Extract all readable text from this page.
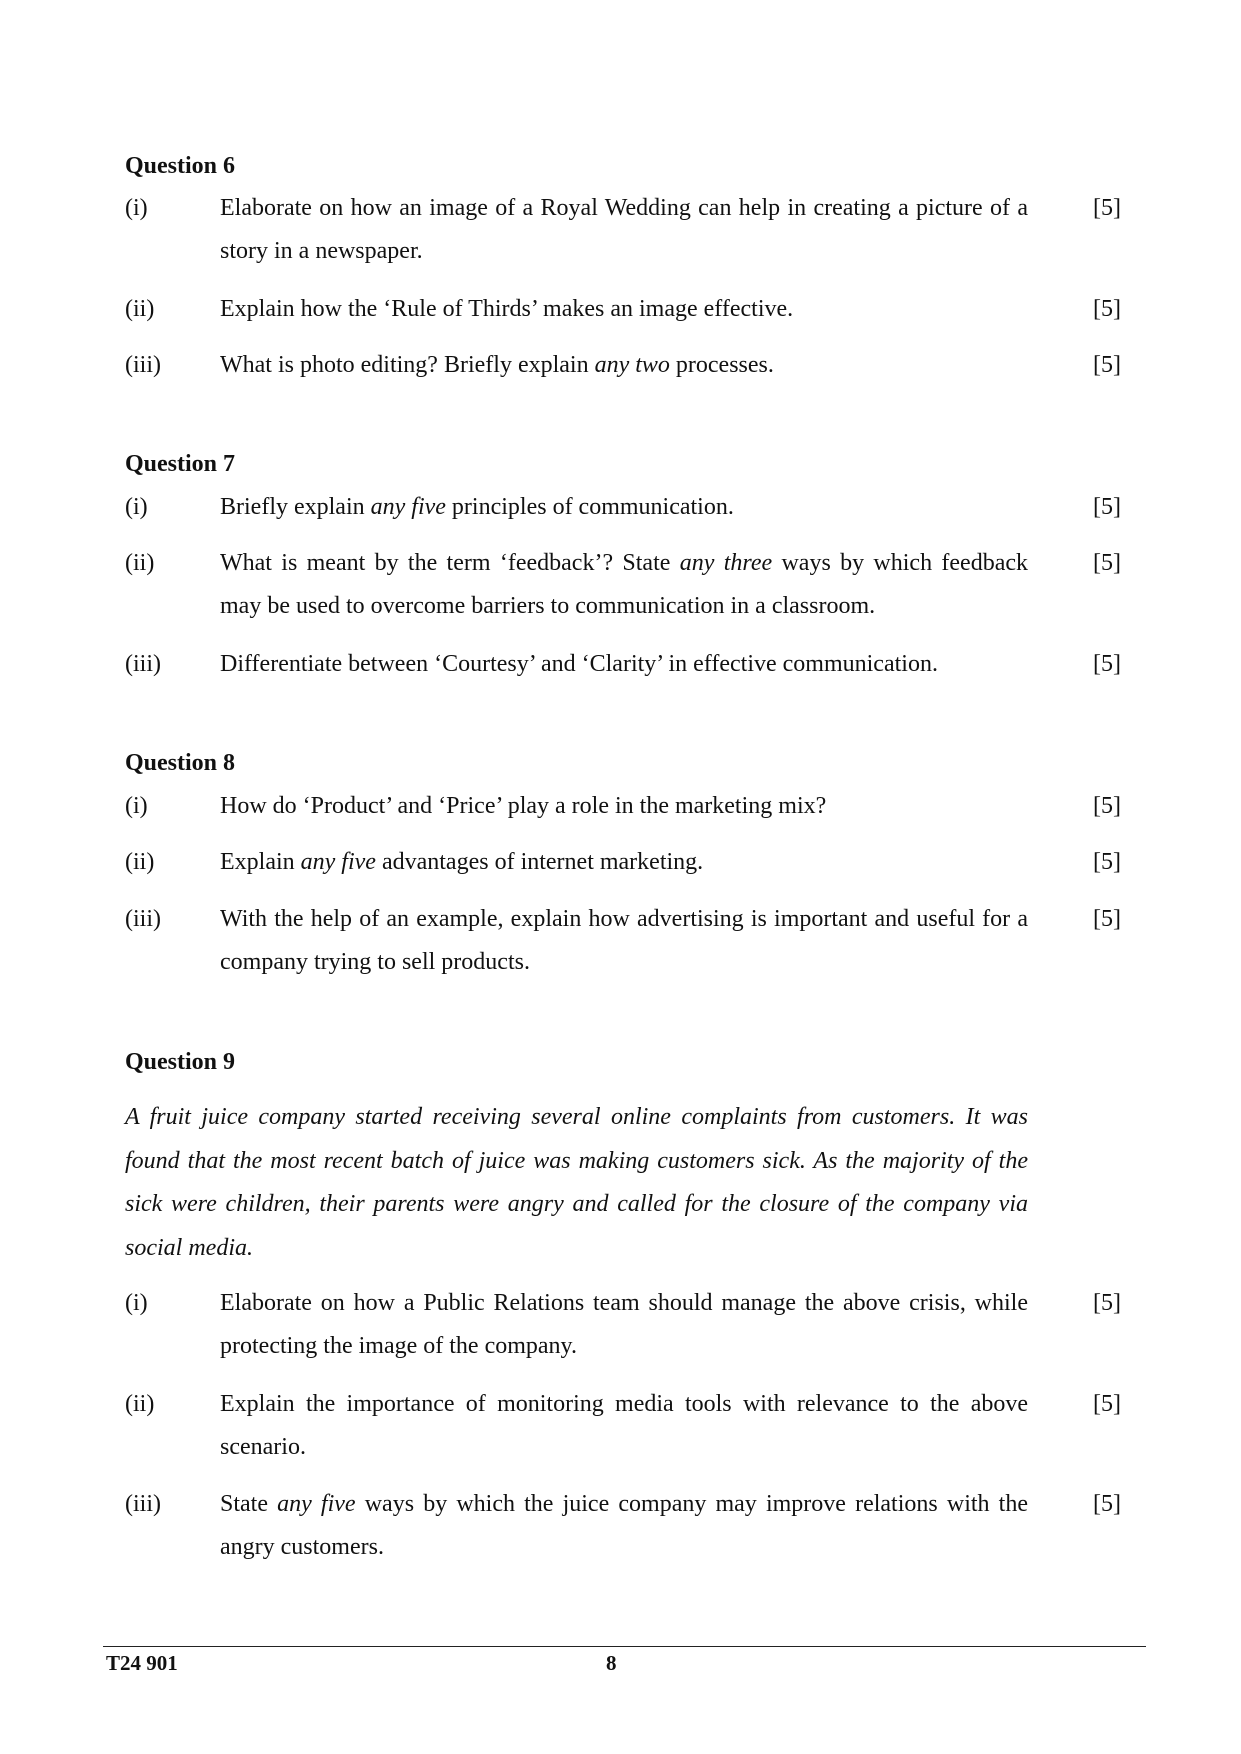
Question 6
(i)	Elaborate on how an image of a Royal Wedding can help in creating a picture of a story in a newspaper.
[5]
(ii)	Explain how the ‘Rule of Thirds’ makes an image effective.	[5]
(iii) What is photo editing? Briefly explain any two processes.	[5]
Question 7
(i)	Briefly explain any five principles of communication.	[5]
(ii)	What is meant by the term ‘feedback’? State any three ways by which feedback may be used to overcome barriers to communication in a classroom.
[5]
(iii) Differentiate between ‘Courtesy’ and ‘Clarity’ in effective communication.	[5]
Question 8
(i)	How do ‘Product’ and ‘Price’ play a role in the marketing mix?	[5]
(ii)	Explain any five advantages of internet marketing.	[5]
(iii) With the help of an example, explain how advertising is important and useful for a company trying to sell products.
[5]
Question 9
A fruit juice company started receiving several online complaints from customers. It was found that the most recent batch of juice was making customers sick. As the majority of the sick were children, their parents were angry and called for the closure of the company via social media.
(i)	Elaborate on how a Public Relations team should manage the above crisis, while protecting the image of the company.
[5]
(ii)	Explain the importance of monitoring media tools with relevance to the above scenario.
[5]
(iii) State any five ways by which the juice company may improve relations with the angry customers.
[5]
T24 901	8
